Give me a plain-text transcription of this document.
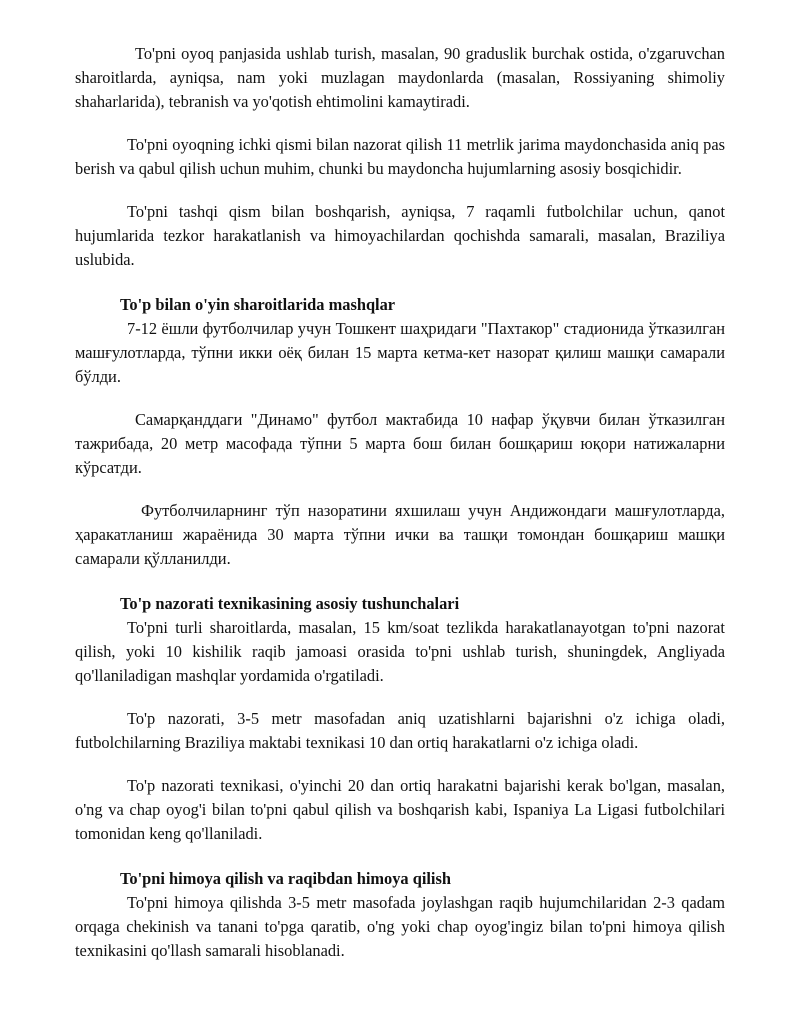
To'pni oyoq panjasida ushlab turish, masalan, 90 graduslik burchak ostida, o'zgaruvchan sharoitlarda, ayniqsa, nam yoki muzlagan maydonlarda (masalan, Rossiyaning shimoliy shaharlarida), tebranish va yo'qotish ehtimolini kamaytiradi.

To'pni oyoqning ichki qismi bilan nazorat qilish 11 metrlik jarima maydonchasida aniq pas berish va qabul qilish uchun muhim, chunki bu maydoncha hujumlarning asosiy bosqichidir.

To'pni tashqi qism bilan boshqarish, ayniqsa, 7 raqamli futbolchilar uchun, qanot hujumlarida tezkor harakatlanish va himoyachilardan qochishda samarali, masalan, Braziliya uslubida.

To'p bilan o'yin sharoitlarida mashqlar

7-12 ёшли футболчилар учун Тошкент шаҳридаги "Пахтакор" стадионида ўтказилган машғулотларда, тўпни икки оёқ билан 15 марта кетма-кет назорат қилиш машқи самарали бўлди.

Самарқанддаги "Динамо" футбол мактабида 10 нафар ўқувчи билан ўтказилган тажрибада, 20 метр масофада тўпни 5 марта бош билан бошқариш юқори натижаларни кўрсатди.

Футболчиларнинг тўп назоратини яхшилаш учун Андижондаги машғулотларда, ҳаракатланиш жараёнида 30 марта тўпни ички ва ташқи томондан бошқариш машқи самарали қўлланилди.

To'p nazorati texnikasining asosiy tushunchalari

To'pni turli sharoitlarda, masalan, 15 km/soat tezlikda harakatlanayotgan to'pni nazorat qilish, yoki 10 kishilik raqib jamoasi orasida to'pni ushlab turish, shuningdek, Angliyada qo'llaniladigan mashqlar yordamida o'rgatiladi.

To'p nazorati, 3-5 metr masofadan aniq uzatishlarni bajarishni o'z ichiga oladi, futbolchilarning Braziliya maktabi texnikasi 10 dan ortiq harakatlarni o'z ichiga oladi.

To'p nazorati texnikasi, o'yinchi 20 dan ortiq harakatni bajarishi kerak bo'lgan, masalan, o'ng va chap oyog'i bilan to'pni qabul qilish va boshqarish kabi, Ispaniya La Ligasi futbolchilari tomonidan keng qo'llaniladi.

To'pni himoya qilish va raqibdan himoya qilish

To'pni himoya qilishda 3-5 metr masofada joylashgan raqib hujumchilaridan 2-3 qadam orqaga chekinish va tanani to'pga qaratib, o'ng yoki chap oyog'ingiz bilan to'pni himoya qilish texnikasini qo'llash samarali hisoblanadi.
